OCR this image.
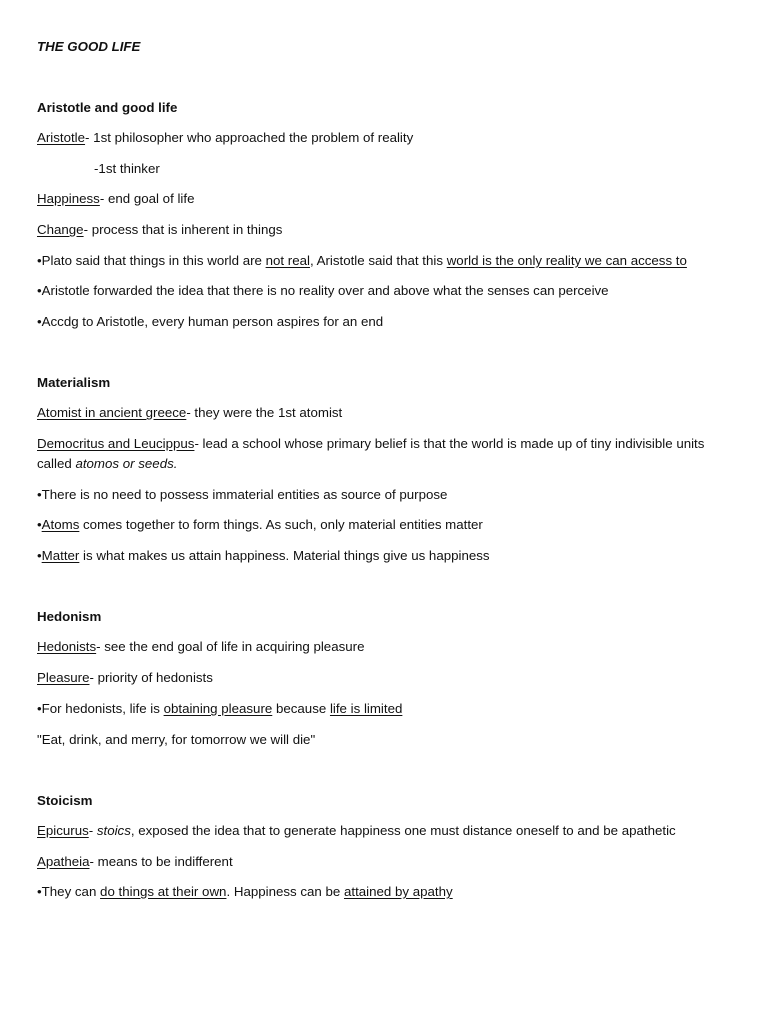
THE GOOD LIFE
Aristotle and good life
Aristotle- 1st philosopher who approached the problem of reality
-1st thinker
Happiness- end goal of life
Change- process that is inherent in things
•Plato said that things in this world are not real, Aristotle said that this world is the only reality we can access to
•Aristotle forwarded the idea that there is no reality over and above what the senses can perceive
•Accdg to Aristotle, every human person aspires for an end
Materialism
Atomist in ancient greece- they were the 1st atomist
Democritus and Leucippus- lead a school whose primary belief is that the world is made up of tiny indivisible units called atomos or seeds.
•There is no need to possess immaterial entities as source of purpose
•Atoms comes together to form things. As such, only material entities matter
•Matter is what makes us attain happiness. Material things give us happiness
Hedonism
Hedonists- see the end goal of life in acquiring pleasure
Pleasure- priority of hedonists
•For hedonists, life is obtaining pleasure because life is limited
"Eat, drink, and merry, for tomorrow we will die"
Stoicism
Epicurus- stoics, exposed the idea that to generate happiness one must distance oneself to and be apathetic
Apatheia- means to be indifferent
•They can do things at their own. Happiness can be attained by apathy
